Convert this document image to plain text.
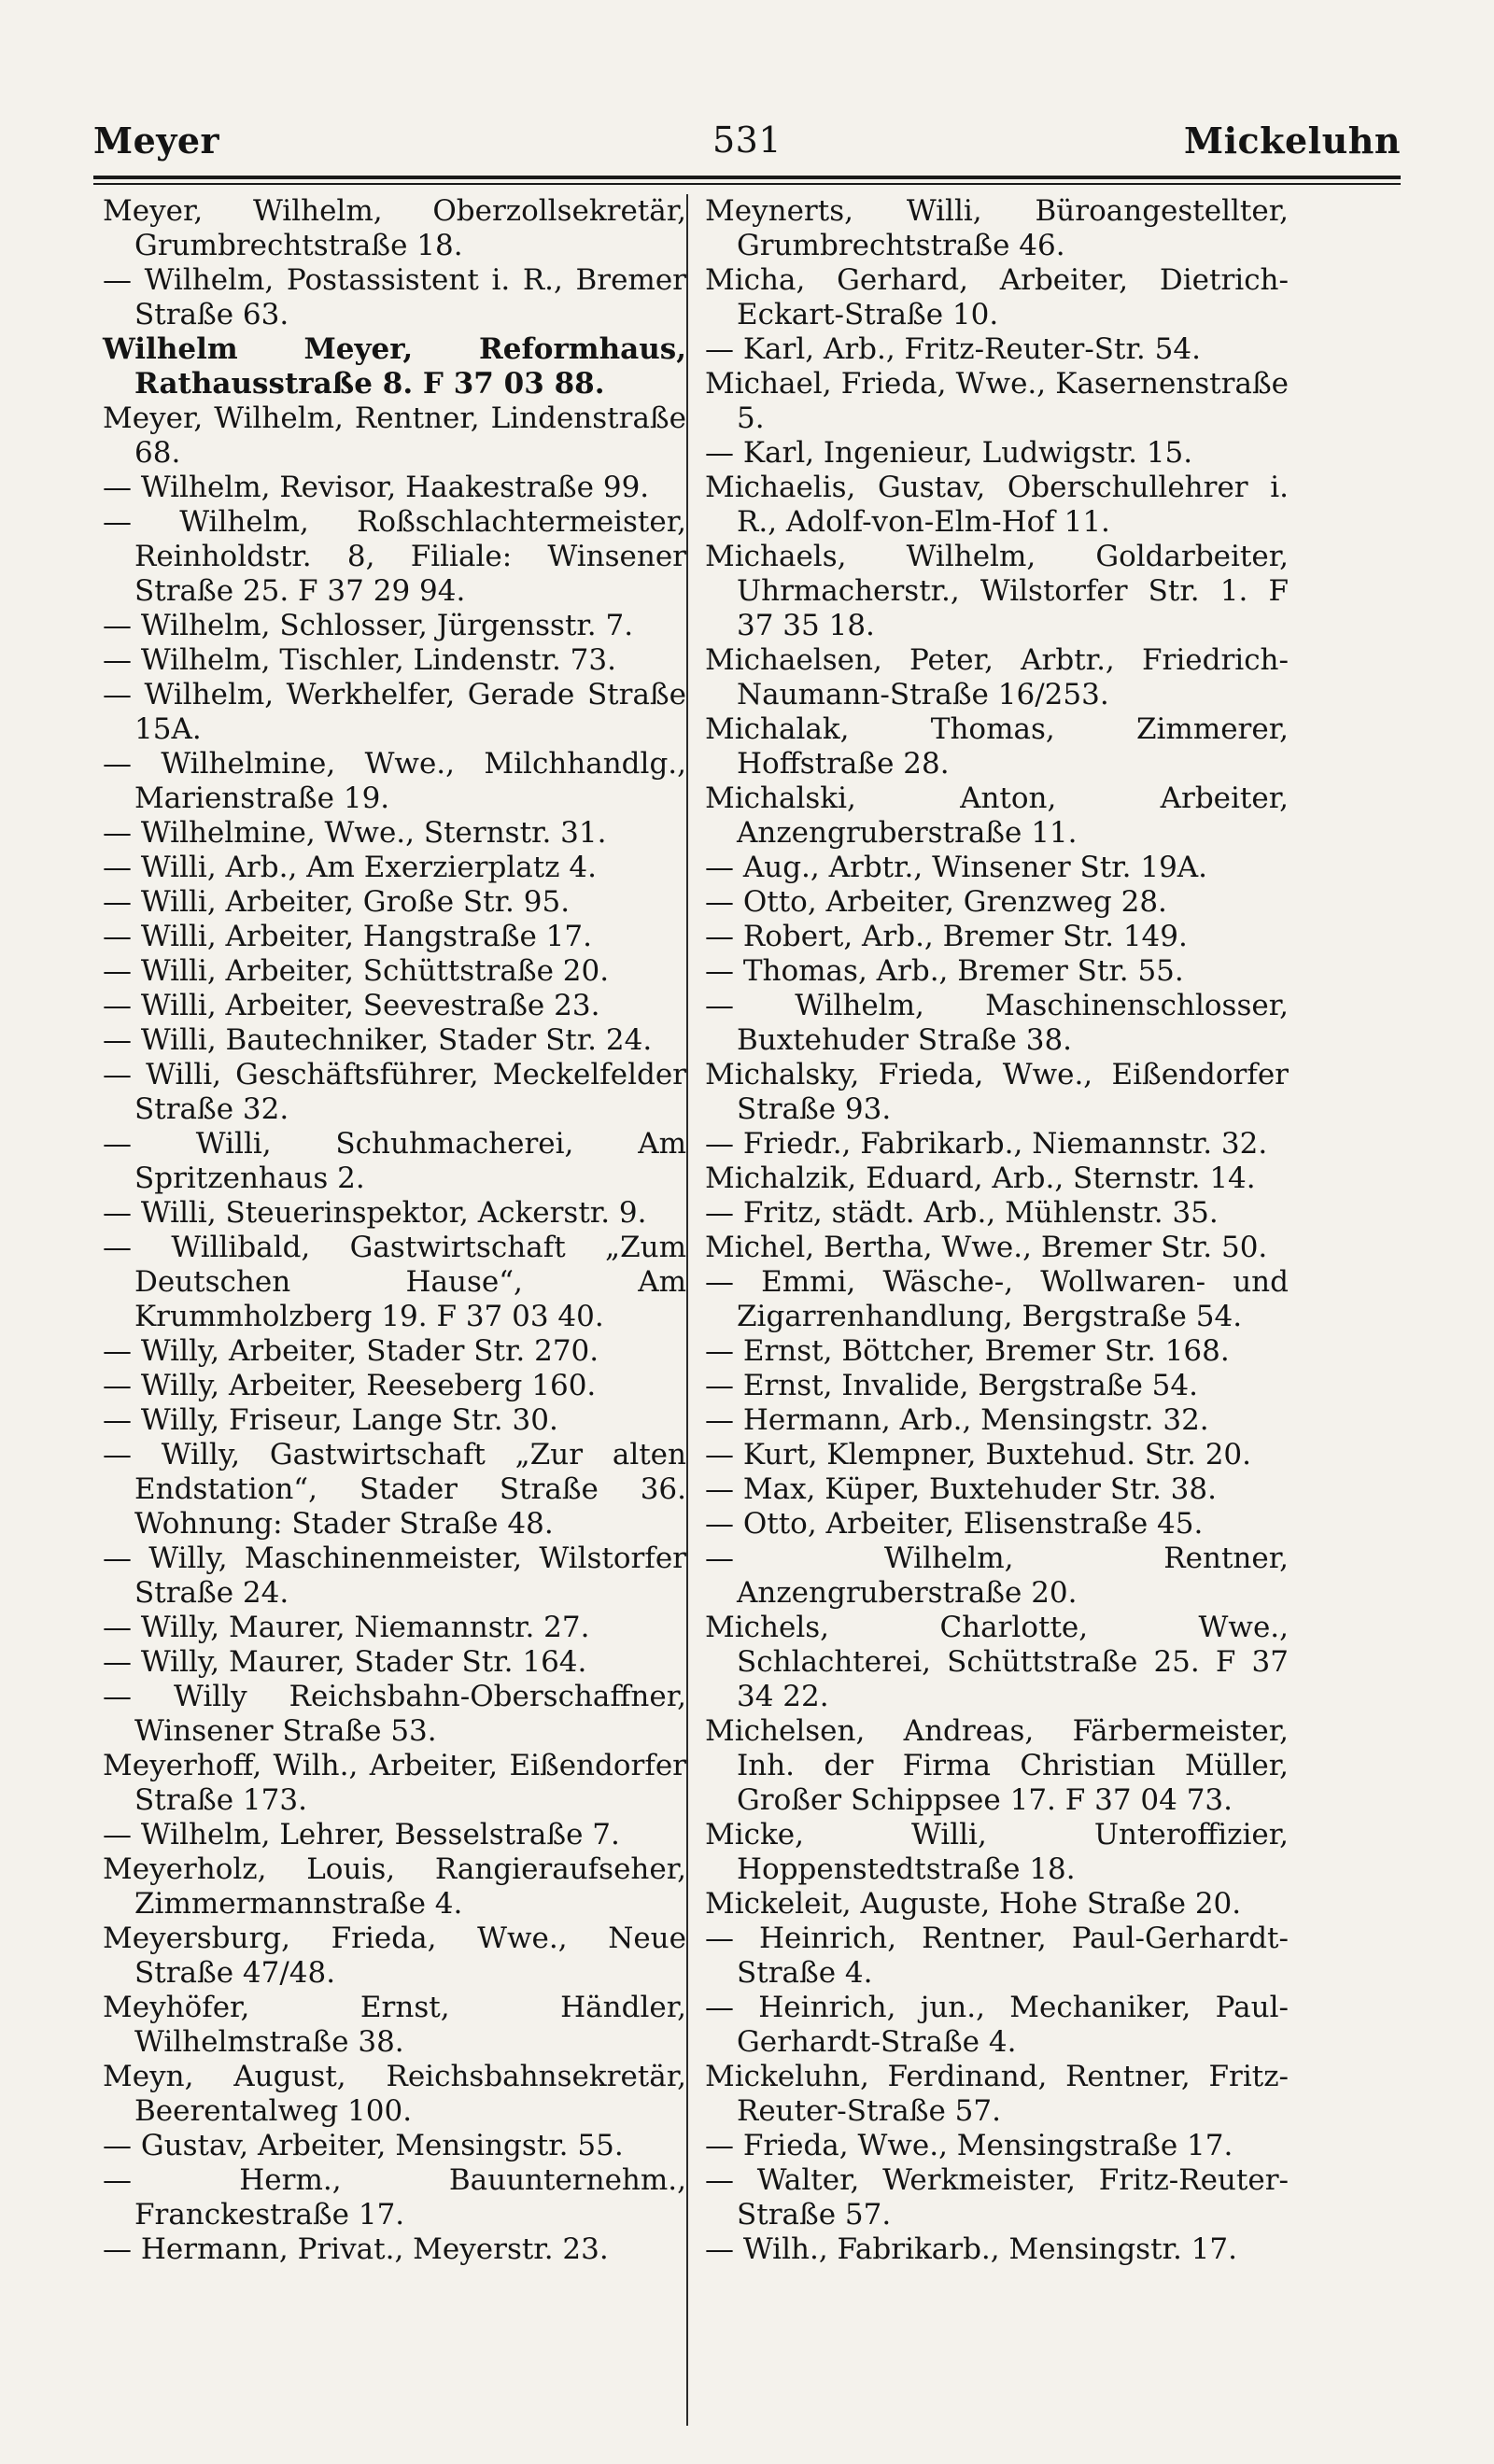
Meyer	531	Mickeluhn

Meyer, Wilhelm, Oberzollsekretär, Grumbrechtstraße 18.

— Wilhelm, Postassistent i. R., Bremer Straße 63.

Wilhelm Meyer, Reformhaus, Rathausstraße 8. F 37 03 88.

Meyer, Wilhelm, Rentner, Lindenstraße 68.

— Wilhelm, Revisor, Haakestraße 99.

— Wilhelm, Roßschlachtermeister, Reinholdstr. 8, Filiale: Winsener Straße 25. F 37 29 94.

— Wilhelm, Schlosser, Jürgensstr. 7.

— Wilhelm, Tischler, Lindenstr. 73.

— Wilhelm, Werkhelfer, Gerade Straße 15A.

— Wilhelmine, Wwe., Milchhandlg., Marienstraße 19.

— Wilhelmine, Wwe., Sternstr. 31.

— Willi, Arb., Am Exerzierplatz 4.

— Willi, Arbeiter, Große Str. 95.

— Willi, Arbeiter, Hangstraße 17.

— Willi, Arbeiter, Schüttstraße 20.

— Willi, Arbeiter, Seevestraße 23.

— Willi, Bautechniker, Stader Str. 24.

— Willi, Geschäftsführer, Meckelfelder Straße 32.

— Willi, Schuhmacherei, Am Spritzenhaus 2.

— Willi, Steuerinspektor, Ackerstr. 9.

— Willibald, Gastwirtschaft „Zum Deutschen Hause“, Am Krummholzberg 19. F 37 03 40.

— Willy, Arbeiter, Stader Str. 270.

— Willy, Arbeiter, Reeseberg 160.

— Willy, Friseur, Lange Str. 30.

— Willy, Gastwirtschaft „Zur alten Endstation“, Stader Straße 36. Wohnung: Stader Straße 48.

— Willy, Maschinenmeister, Wilstorfer Straße 24.

— Willy, Maurer, Niemannstr. 27.

— Willy, Maurer, Stader Str. 164.

— Willy Reichsbahn-Oberschaffner, Winsener Straße 53.

Meyerhoff, Wilh., Arbeiter, Eißendorfer Straße 173.

— Wilhelm, Lehrer, Besselstraße 7.

Meyerholz, Louis, Rangieraufseher, Zimmermannstraße 4.

Meyersburg, Frieda, Wwe., Neue Straße 47/48.

Meyhöfer, Ernst, Händler, Wilhelmstraße 38.

Meyn, August, Reichsbahnsekretär, Beerentalweg 100.

— Gustav, Arbeiter, Mensingstr. 55.

— Herm., Bauunternehm., Franckestraße 17.

— Hermann, Privat., Meyerstr. 23.

Meynerts, Willi, Büroangestellter, Grumbrechtstraße 46.

Micha, Gerhard, Arbeiter, Dietrich-Eckart-Straße 10.

— Karl, Arb., Fritz-Reuter-Str. 54.

Michael, Frieda, Wwe., Kasernenstraße 5.

— Karl, Ingenieur, Ludwigstr. 15.

Michaelis, Gustav, Oberschullehrer i. R., Adolf-von-Elm-Hof 11.

Michaels, Wilhelm, Goldarbeiter, Uhrmacherstr., Wilstorfer Str. 1. F 37 35 18.

Michaelsen, Peter, Arbtr., Friedrich-Naumann-Straße 16/253.

Michalak, Thomas, Zimmerer, Hoffstraße 28.

Michalski, Anton, Arbeiter, Anzengruberstraße 11.

— Aug., Arbtr., Winsener Str. 19A.

— Otto, Arbeiter, Grenzweg 28.

— Robert, Arb., Bremer Str. 149.

— Thomas, Arb., Bremer Str. 55.

— Wilhelm, Maschinenschlosser, Buxtehuder Straße 38.

Michalsky, Frieda, Wwe., Eißendorfer Straße 93.

— Friedr., Fabrikarb., Niemannstr. 32.

Michalzik, Eduard, Arb., Sternstr. 14.

— Fritz, städt. Arb., Mühlenstr. 35.

Michel, Bertha, Wwe., Bremer Str. 50.

— Emmi, Wäsche-, Wollwaren- und Zigarrenhandlung, Bergstraße 54.

— Ernst, Böttcher, Bremer Str. 168.

— Ernst, Invalide, Bergstraße 54.

— Hermann, Arb., Mensingstr. 32.

— Kurt, Klempner, Buxtehud. Str. 20.

— Max, Küper, Buxtehuder Str. 38.

— Otto, Arbeiter, Elisenstraße 45.

— Wilhelm, Rentner, Anzengruberstraße 20.

Michels, Charlotte, Wwe., Schlachterei, Schüttstraße 25. F 37 34 22.

Michelsen, Andreas, Färbermeister, Inh. der Firma Christian Müller, Großer Schippsee 17. F 37 04 73.

Micke, Willi, Unteroffizier, Hoppenstedtstraße 18.

Mickeleit, Auguste, Hohe Straße 20.

— Heinrich, Rentner, Paul-Gerhardt-Straße 4.

— Heinrich, jun., Mechaniker, Paul-Gerhardt-Straße 4.

Mickeluhn, Ferdinand, Rentner, Fritz-Reuter-Straße 57.

— Frieda, Wwe., Mensingstraße 17.

— Walter, Werkmeister, Fritz-Reuter-Straße 57.

— Wilh., Fabrikarb., Mensingstr. 17.
